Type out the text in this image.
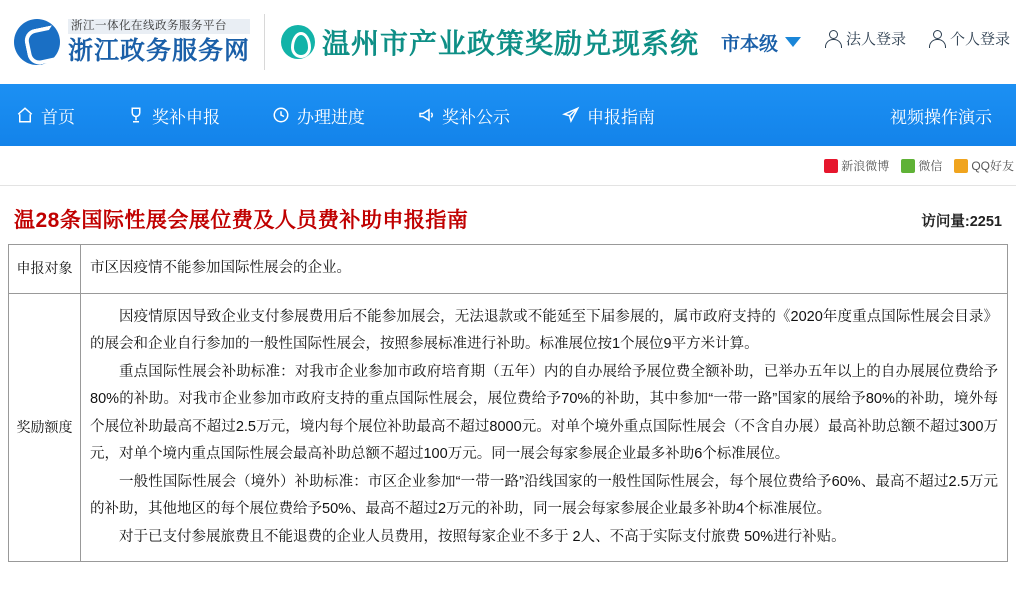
浙江一体化在线政务服务平台
浙江政务服务网	温州市产业政策奖励兑现系统 市本级	法人登录	个人登录
首页	奖补申报	办理进度	奖补公示	申报指南	视频操作演示
新浪微博 微信 QQ好友
温28条国际性展会展位费及人员费补助申报指南	访问量:2251
申报对象	市区因疫情不能参加国际性展会的企业。

奖励额度	因疫情原因导致企业支付参展费用后不能参加展会，无法退款或不能延至下届参展的，属市政府支持的《2020年度重点国际性展会目录》的展会和企业自行参加的一般性国际性展会，按照参展标准进行补助。标准展位按1个展位9平方米计算。

重点国际性展会补助标准：对我市企业参加市政府培育期（五年）内的自办展给予展位费全额补助，已举办五年以上的自办展展位费给予80%的补助。对我市企业参加市政府支持的重点国际性展会，展位费给予70%的补助，其中参加“一带一路”国家的展给予80%的补助，境外每个展位补助最高不超过2.5万元，境内每个展位补助最高不超过8000元。对单个境外重点国际性展会（不含自办展）最高补助总额不超过300万元，对单个境内重点国际性展会最高补助总额不超过100万元。同一展会每家参展企业最多补助6个标准展位。

一般性国际性展会（境外）补助标准：市区企业参加“一带一路”沿线国家的一般性国际性展会，每个展位费给予60%、最高不超过2.5万元的补助，其他地区的每个展位费给予50%、最高不超过2万元的补助，同一展会每家参展企业最多补助4个标准展位。

对于已支付参展旅费且不能退费的企业人员费用，按照每家企业不多于 2人、不高于实际支付旅费 50%进行补贴。
